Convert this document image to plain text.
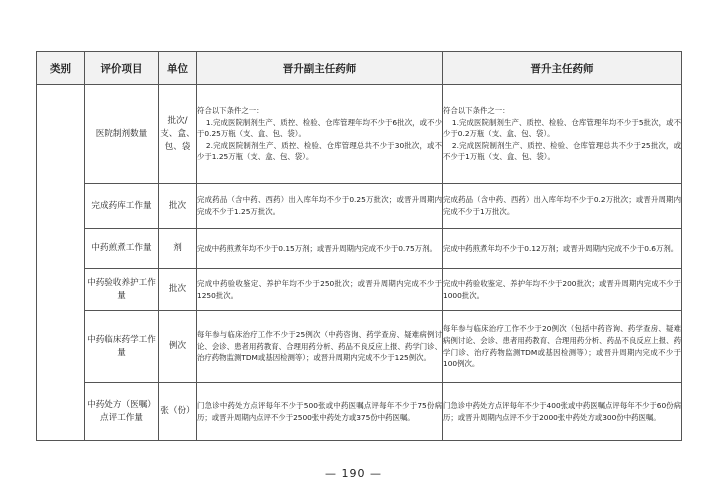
类别	评价项目	单位	晋升副主任药师	晋升主任药师
	医院制剂数量	批次/支、盒、包、袋	符合以下条件之一：
1.完成医院制剂生产、质控、检验、仓库管理年均不少于6批次，或不少于0.25万瓶（支、盒、包、袋）。
2.完成医院制剂生产、质控、检验、仓库管理总共不少于30批次，或不少于1.25万瓶（支、盒、包、袋）。	符合以下条件之一：
1.完成医院制剂生产、质控、检验、仓库管理年均不少于5批次，或不少于0.2万瓶（支、盒、包、袋）。
2.完成医院制剂生产、质控、检验、仓库管理总共不少于25批次，或不少于1万瓶（支、盒、包、袋）。

	完成药库工作量	批次	完成药品（含中药、西药）出入库年均不少于0.25万批次；或晋升周期内完成不少于1.25万批次。	完成药品（含中药、西药）出入库年均不少于0.2万批次；或晋升周期内完成不少于1万批次。
	中药煎煮工作量	剂	完成中药煎煮年均不少于0.15万剂；或晋升周期内完成不少于0.75万剂。	完成中药煎煮年均不少于0.12万剂；或晋升周期内完成不少于0.6万剂。
	中药验收养护工作量	批次	完成中药验收鉴定、养护年均不少于250批次；或晋升周期内完成不少于1250批次。	完成中药验收鉴定、养护年均不少于200批次；或晋升周期内完成不少于1000批次。
	中药临床药学工作量	例次	每年参与临床治疗工作不少于25例次（中药咨询、药学查房、疑难病例讨论、会诊、患者用药教育、合理用药分析、药品不良反应上报、药学门诊、治疗药物监测TDM或基因检测等）；或晋升周期内完成不少于125例次。	每年参与临床治疗工作不少于20例次（包括中药咨询、药学查房、疑难病例讨论、会诊、患者用药教育、合理用药分析、药品不良反应上报、药学门诊、治疗药物监测TDM或基因检测等）；或晋升周期内完成不少于100例次。
	中药处方（医嘱）点评工作量	张（份）	门急诊中药处方点评每年不少于500张或中药医嘱点评每年不少于75份病历；或晋升周期内点评不少于2500张中药处方或375份中药医嘱。	门急诊中药处方点评每年不少于400张或中药医嘱点评每年不少于60份病历；或晋升周期内点评不少于2000张中药处方或300份中药医嘱。
— 190 —
